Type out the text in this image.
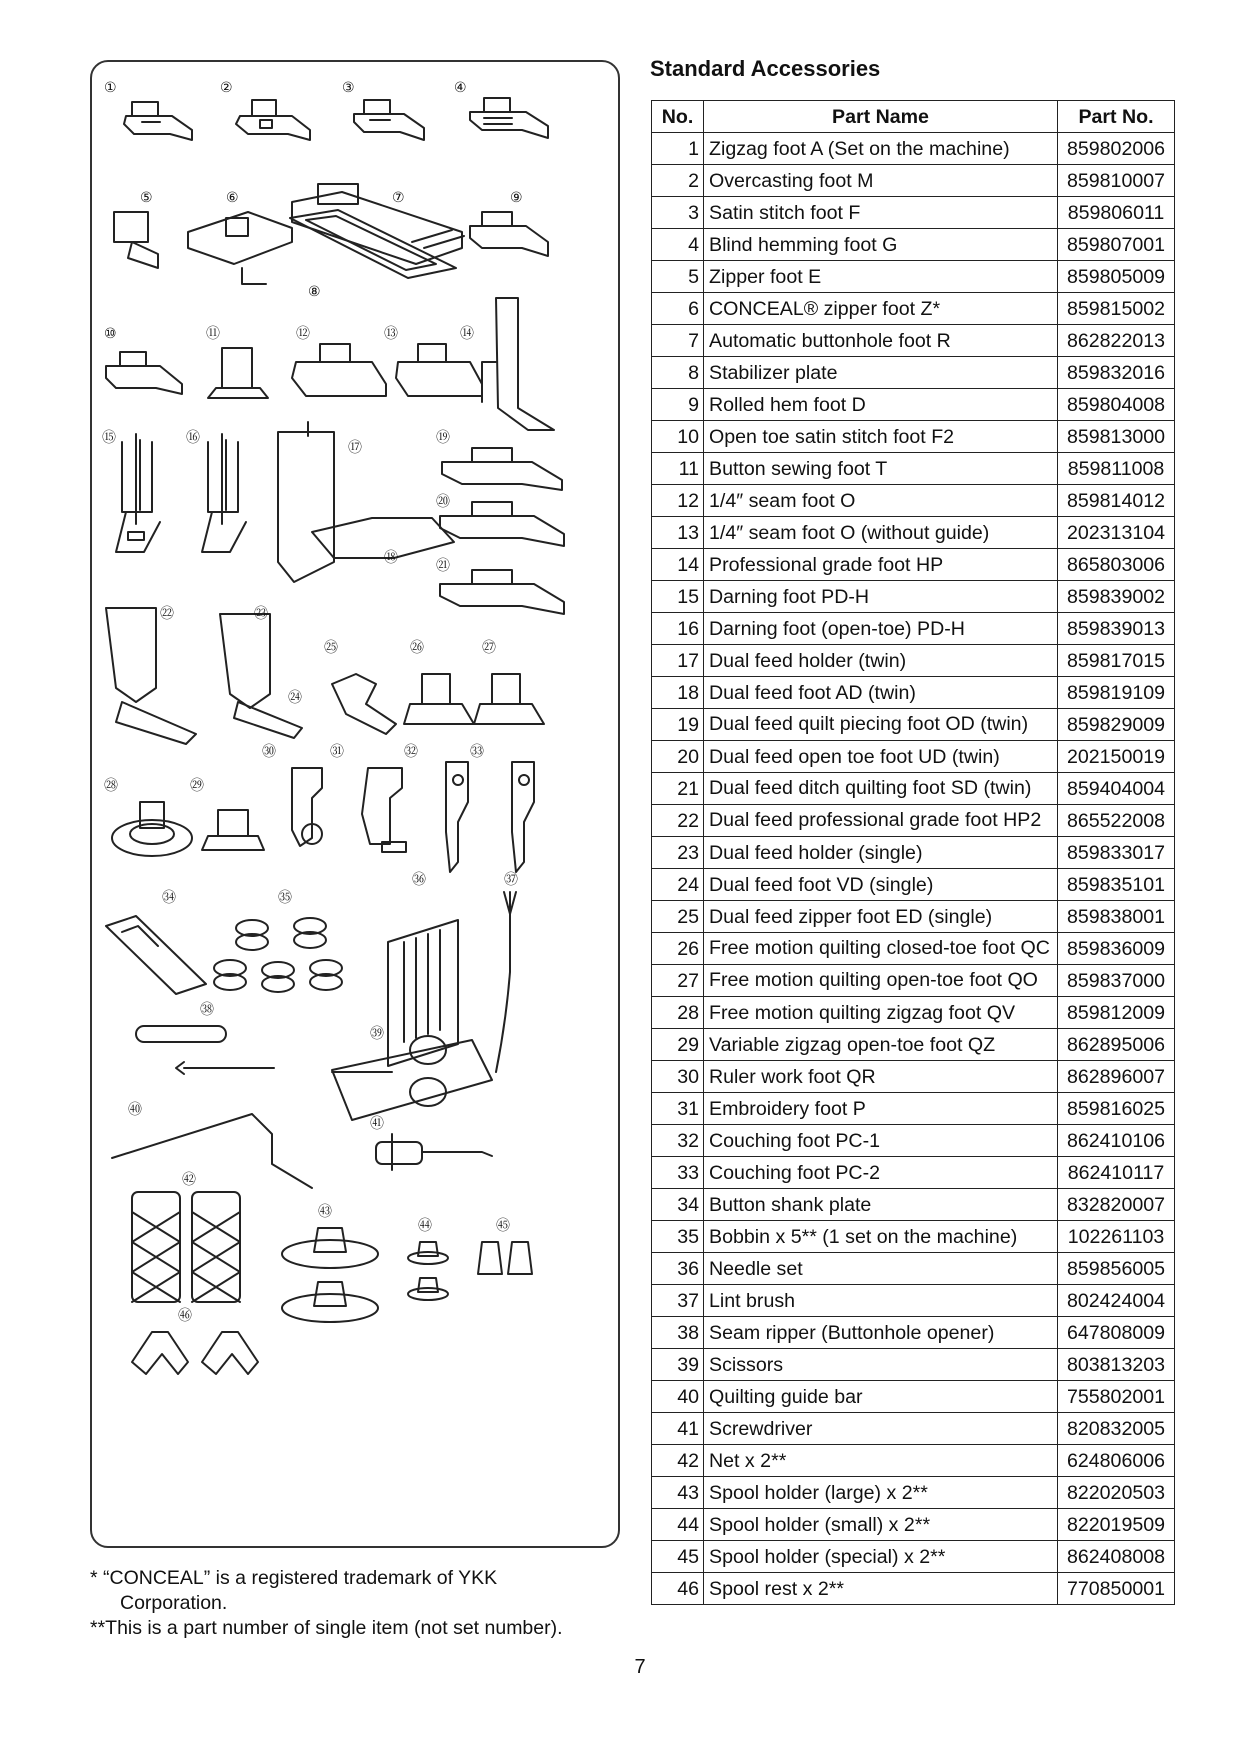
①	②	③	④
⑤	⑥	⑦
⑧
⑨
⑩	⑪	⑫	⑬	⑭
⑮	⑯
⑰
⑱
⑲
⑳
㉑
㉒	㉓
㉔
㉕	㉖	㉗
㉘	㉙
㉚	㉛	㉜	㉝
㉞	㉟
㊱	㊲
㊳
㊴
㊵
㊶
㊷
㊸
㊹	㊺
㊻

* “CONCEAL” is a registered trademark of YKK

Corporation.

**This is a part number of single item (not set number).

Standard Accessories
No.	Part Name	Part No.
1	Zigzag foot A (Set on the machine)	859802006
2	Overcasting foot M	859810007
3	Satin stitch foot F	859806011
4	Blind hemming foot G	859807001
5	Zipper foot E	859805009
6	CONCEAL® zipper foot Z*	859815002
7	Automatic buttonhole foot R	862822013
8	Stabilizer plate	859832016
9	Rolled hem foot D	859804008
10	Open toe satin stitch foot F2	859813000
11	Button sewing foot T	859811008
12	1/4″ seam foot O	859814012
13	1/4″ seam foot O (without guide)	202313104
14	Professional grade foot HP	865803006
15	Darning foot PD-H	859839002
16	Darning foot (open-toe) PD-H	859839013
17	Dual feed holder (twin)	859817015
18	Dual feed foot AD (twin)	859819109
19	Dual feed quilt piecing foot OD (twin)	859829009
20	Dual feed open toe foot UD (twin)	202150019
21	Dual feed ditch quilting foot SD (twin)	859404004
22	Dual feed professional grade foot HP2	865522008
23	Dual feed holder (single)	859833017
24	Dual feed foot VD (single)	859835101
25	Dual feed zipper foot ED (single)	859838001
26	Free motion quilting closed-toe foot QC	859836009
27	Free motion quilting open-toe foot QO	859837000
28	Free motion quilting zigzag foot QV	859812009
29	Variable zigzag open-toe foot QZ	862895006
30	Ruler work foot QR	862896007
31	Embroidery foot P	859816025
32	Couching foot PC-1	862410106
33	Couching foot PC-2	862410117
34	Button shank plate	832820007
35	Bobbin x 5** (1 set on the machine)	102261103
36	Needle set	859856005
37	Lint brush	802424004
38	Seam ripper (Buttonhole opener)	647808009
39	Scissors	803813203
40	Quilting guide bar	755802001
41	Screwdriver	820832005
42	Net x 2**	624806006
43	Spool holder (large) x 2**	822020503
44	Spool holder (small) x 2**	822019509
45	Spool holder (special) x 2**	862408008
46	Spool rest x 2**	770850001
7
